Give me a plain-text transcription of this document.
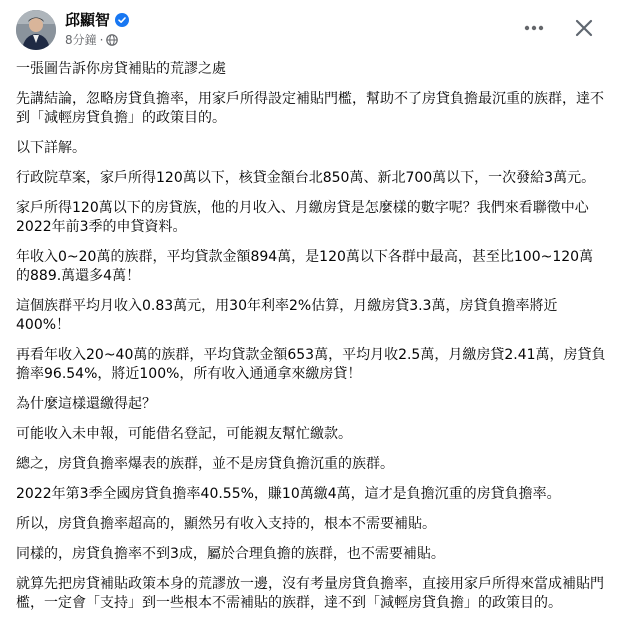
邱顯智
8分鐘 ·

一張圖告訴你房貸補貼的荒謬之處

先講結論，忽略房貸負擔率，用家戶所得設定補貼門檻，幫助不了房貸負擔最沉重的族群，達不到「減輕房貸負擔」的政策目的。

以下詳解。

行政院草案，家戶所得120萬以下，核貸金額台北850萬、新北700萬以下，一次發給3萬元。

家戶所得120萬以下的房貸族，他的月收入、月繳房貸是怎麼樣的數字呢？我們來看聯徵中心2022年前3季的申貸資料。

年收入0~20萬的族群，平均貸款金額894萬，是120萬以下各群中最高，甚至比100~120萬的889.萬還多4萬！

這個族群平均月收入0.83萬元，用30年利率2%估算，月繳房貸3.3萬，房貸負擔率將近400%！

再看年收入20~40萬的族群，平均貸款金額653萬，平均月收2.5萬，月繳房貸2.41萬，房貸負擔率96.54%，將近100%，所有收入通通拿來繳房貸！

為什麼這樣還繳得起？

可能收入未申報，可能借名登記，可能親友幫忙繳款。

總之，房貸負擔率爆表的族群，並不是房貸負擔沉重的族群。

2022年第3季全國房貸負擔率40.55%，賺10萬繳4萬，這才是負擔沉重的房貸負擔率。

所以，房貸負擔率超高的，顯然另有收入支持的，根本不需要補貼。

同樣的，房貸負擔率不到3成，屬於合理負擔的族群，也不需要補貼。

就算先把房貸補貼政策本身的荒謬放一邊，沒有考量房貸負擔率，直接用家戶所得來當成補貼門檻，一定會「支持」到一些根本不需補貼的族群，達不到「減輕房貸負擔」的政策目的。
